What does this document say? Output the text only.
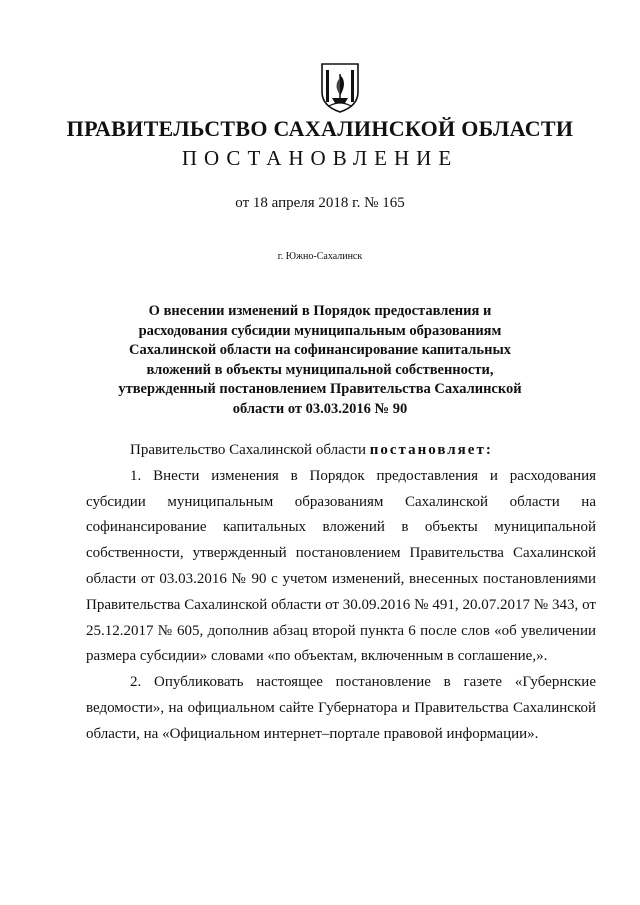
ПРАВИТЕЛЬСТВО САХАЛИНСКОЙ ОБЛАСТИ
ПОСТАНОВЛЕНИЕ
от 18 апреля 2018 г. № 165
г. Южно-Сахалинск
О внесении изменений в Порядок предоставления и расходования субсидии муниципальным образованиям Сахалинской области на софинансирование капитальных вложений в объекты муниципальной собственности, утвержденный постановлением Правительства Сахалинской области от 03.03.2016 № 90

Правительство Сахалинской области постановляет:

1. Внести изменения в Порядок предоставления и расходования субсидии муниципальным образованиям Сахалинской области на софинансирование капитальных вложений в объекты муниципальной собственности, утвержденный постановлением Правительства Сахалинской области от 03.03.2016 № 90 с учетом изменений, внесенных постановлениями Правительства Сахалинской области от 30.09.2016 № 491, 20.07.2017 № 343, от 25.12.2017 № 605, дополнив абзац второй пункта 6 после слов «об увеличении размера субсидии» словами «по объектам, включенным в соглашение,».

2. Опубликовать настоящее постановление в газете «Губернские ведомости», на официальном сайте Губернатора и Правительства Сахалинской области, на «Официальном интернет–портале правовой информации».
